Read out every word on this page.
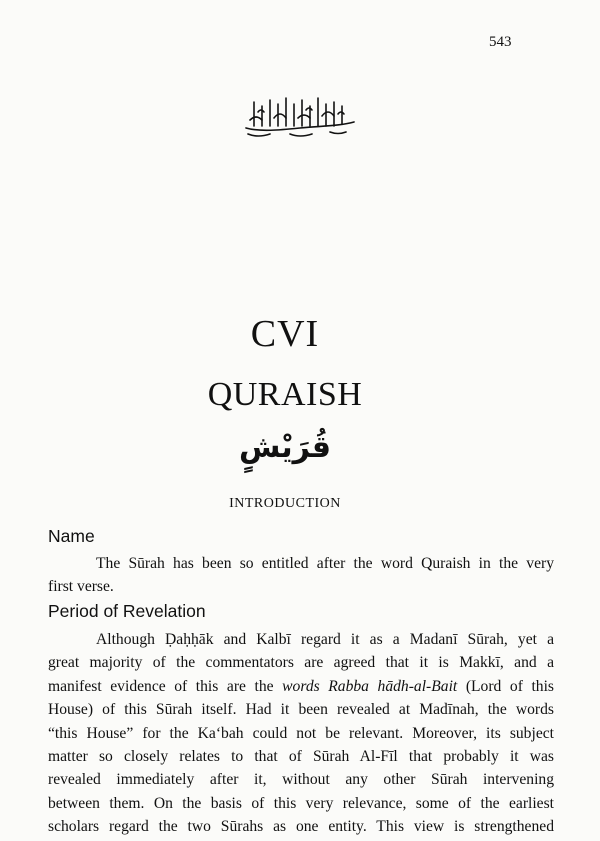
543
CVI
QURAISH
قُرَيْشٍ
INTRODUCTION
Name
The Sūrah has been so entitled after the word Quraish in the very
first verse.
Period of Revelation
Although Ḍaḥḥāk and Kalbī regard it as a Madanī Sūrah, yet a
great majority of the commentators are agreed that it is Makkī, and a
manifest evidence of this are the words Rabba hādh-al-Bait (Lord of this
House) of this Sūrah itself. Had it been revealed at Madīnah, the words
“this House” for the Ka‘bah could not be relevant. Moreover, its subject
matter so closely relates to that of Sūrah Al-Fīl that probably it was
revealed immediately after it, without any other Sūrah intervening
between them. On the basis of this very relevance, some of the earliest
scholars regard the two Sūrahs as one entity. This view is strengthened
